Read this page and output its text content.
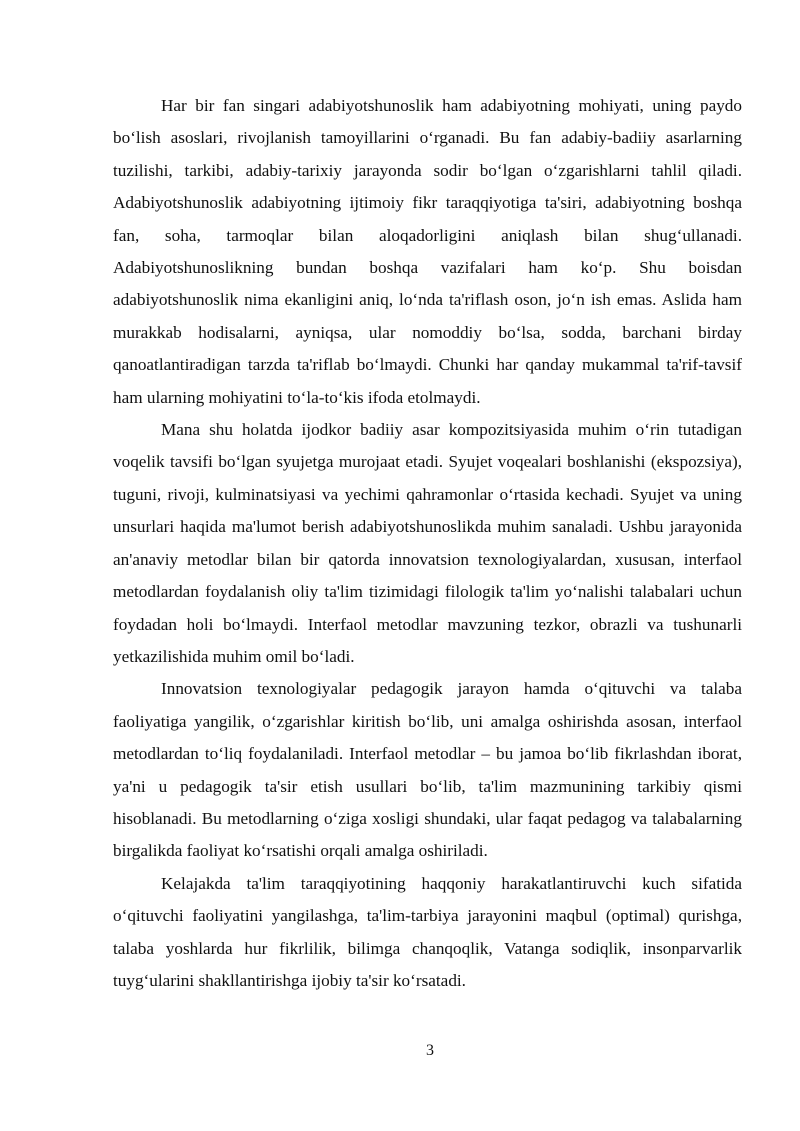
Har bir fan singari adabiyotshunoslik ham adabiyotning mohiyati, uning paydo bo‘lish asoslari, rivojlanish tamoyillarini o‘rganadi. Bu fan adabiy-badiiy asarlarning tuzilishi, tarkibi, adabiy-tarixiy jarayonda sodir bo‘lgan o‘zgarishlarni tahlil qiladi. Adabiyotshunoslik adabiyotning ijtimoiy fikr taraqqiyotiga ta'siri, adabiyotning boshqa fan, soha, tarmoqlar bilan aloqadorligini aniqlash bilan shug‘ullanadi. Adabiyotshunoslikning bundan boshqa vazifalari ham ko‘p. Shu boisdan adabiyotshunoslik nima ekanligini aniq, lo‘nda ta'riflash oson, jo‘n ish emas. Aslida ham murakkab hodisalarni, ayniqsa, ular nomoddiy bo‘lsa, sodda, barchani birday qanoatlantiradigan tarzda ta'riflab bo‘lmaydi. Chunki har qanday mukammal ta'rif-tavsif ham ularning mohiyatini to‘la-to‘kis ifoda etolmaydi.

Mana shu holatda ijodkor badiiy asar kompozitsiyasida muhim o‘rin tutadigan voqelik tavsifi bo‘lgan syujetga murojaat etadi. Syujet voqealari boshlanishi (ekspozsiya), tuguni, rivoji, kulminatsiyasi va yechimi qahramonlar o‘rtasida kechadi. Syujet va uning unsurlari haqida ma'lumot berish adabiyotshunoslikda muhim sanaladi. Ushbu jarayonida an'anaviy metodlar bilan bir qatorda innovatsion texnologiyalardan, xususan, interfaol metodlardan foydalanish oliy ta'lim tizimidagi filologik ta'lim yo‘nalishi talabalari uchun foydadan holi bo‘lmaydi. Interfaol metodlar mavzuning tezkor, obrazli va tushunarli yetkazilishida muhim omil bo‘ladi.

Innovatsion texnologiyalar pedagogik jarayon hamda o‘qituvchi va talaba faoliyatiga yangilik, o‘zgarishlar kiritish bo‘lib, uni amalga oshirishda asosan, interfaol metodlardan to‘liq foydalaniladi. Interfaol metodlar – bu jamoa bo‘lib fikrlashdan iborat, ya'ni u pedagogik ta'sir etish usullari bo‘lib, ta'lim mazmunining tarkibiy qismi hisoblanadi. Bu metodlarning o‘ziga xosligi shundaki, ular faqat pedagog va talabalarning birgalikda faoliyat ko‘rsatishi orqali amalga oshiriladi.

Kelajakda ta'lim taraqqiyotining haqqoniy harakatlantiruvchi kuch sifatida o‘qituvchi faoliyatini yangilashga, ta'lim-tarbiya jarayonini maqbul (optimal) qurishga, talaba yoshlarda hur fikrlilik, bilimga chanqoqlik, Vatanga sodiqlik, insonparvarlik tuyg‘ularini shakllantirishga ijobiy ta'sir ko‘rsatadi.

3
